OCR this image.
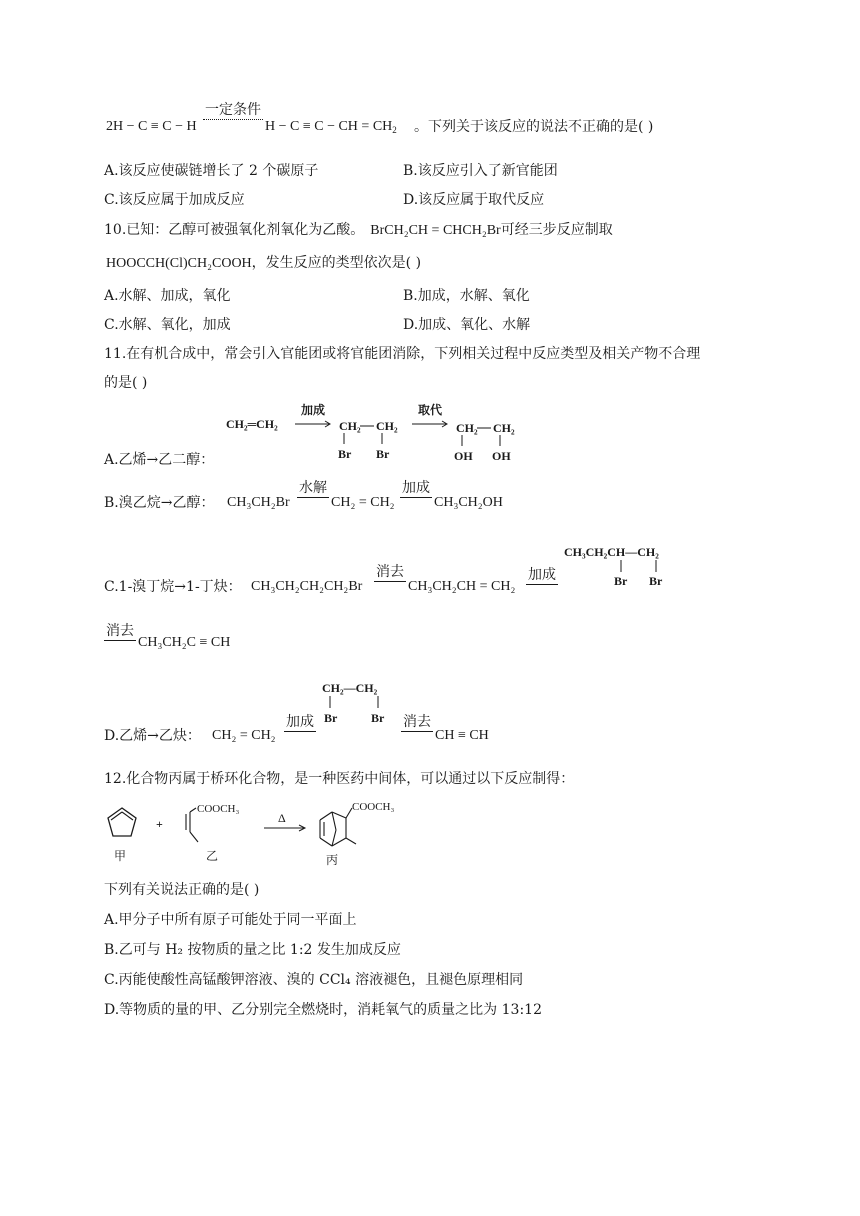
2H − C ≡ C − H
一定条件
H − C ≡ C − CH = $CH_2$ 。下列关于该反应的说法不正确的是( )
A.该反应使碳链增长了 2 个碳原子	B.该反应引入了新官能团
C.该反应属于加成反应	D.该反应属于取代反应
10.已知：乙醇可被强氧化剂氧化为乙酸。 BrCH₂CH = CHCH₂Br可经三步反应制取
HOOCCH(Cl)CH₂COOH，发生反应的类型依次是( )
A.水解、加成，氧化	B.加成，水解、氧化
C.水解、氧化，加成	D.加成、氧化、水解
11.在有机合成中，常会引入官能团或将官能团消除，下列相关过程中反应类型及相关产物不合理
的是( )
A.乙烯→乙二醇：
CH₂═CH₂
加成
CH₂ CH₂
Br Br
取代
CH₂ CH₂
OH OH
B.溴乙烷→乙醇： CH₃CH₂Br
水解
CH₂ = CH₂
加成
CH₃CH₂OH
C.1-溴丁烷→1-丁炔： CH₃CH₂CH₂CH₂Br
消去
CH₃CH₂CH = CH₂
加成
CH₃CH₂CH—CH₂
Br Br
消去
CH₃CH₂C ≡ CH
D.乙烯→乙炔： CH₂ = CH₂
加成
CH₂—CH₂
Br	Br 消去
CH ≡ CH
12.化合物丙属于桥环化合物，是一种医药中间体，可以通过以下反应制得：
甲
+
COOCH₃
乙
Δ
COOCH₃
丙
下列有关说法正确的是( )
A.甲分子中所有原子可能处于同一平面上
B.乙可与 H₂ 按物质的量之比 1:2 发生加成反应
C.丙能使酸性高锰酸钾溶液、溴的 CCl₄ 溶液褪色，且褪色原理相同
D.等物质的量的甲、乙分别完全燃烧时，消耗氧气的质量之比为 13:12
